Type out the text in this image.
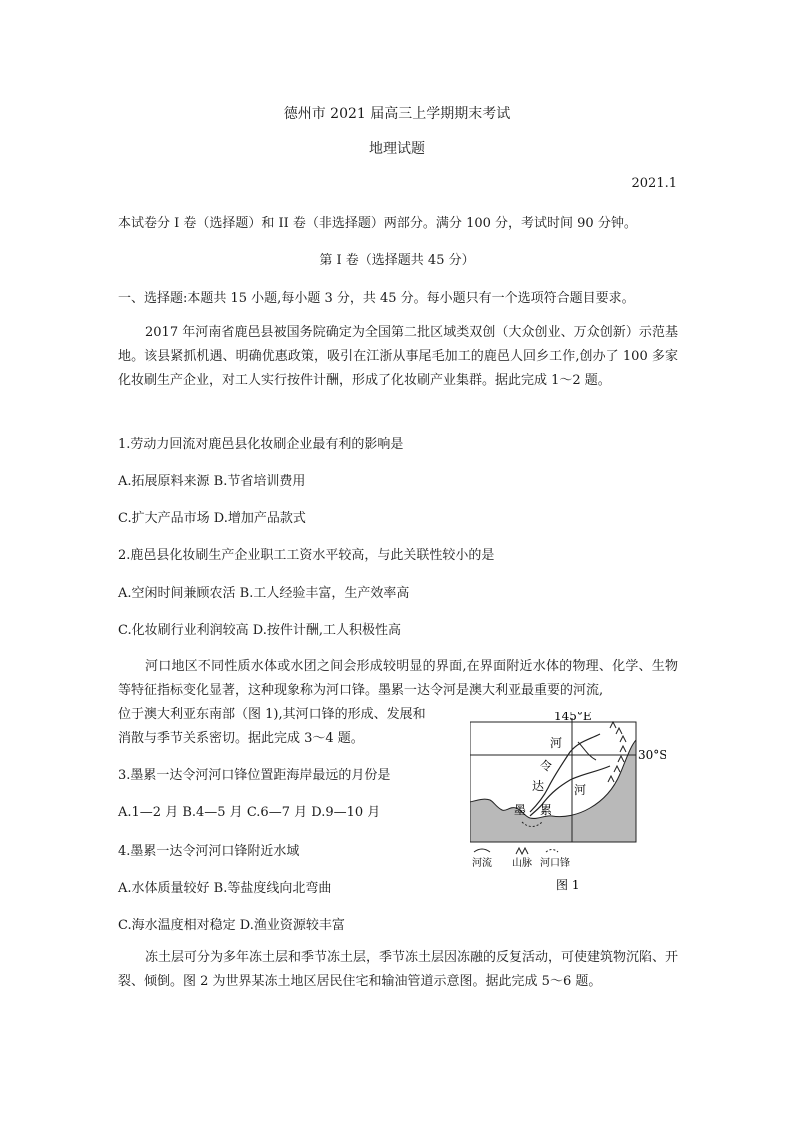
德州市 2021 届高三上学期期末考试
地理试题
2021.1
本试卷分 I 卷（选择题）和 II 卷（非选择题）两部分。满分 100 分，考试时间 90 分钟。
第 I 卷（选择题共 45 分）
一、选择题:本题共 15 小题,每小题 3 分，共 45 分。每小题只有一个选项符合题目要求。
2017 年河南省鹿邑县被国务院确定为全国第二批区域类双创（大众创业、万众创新）示范基地。该县紧抓机遇、明确优惠政策，吸引在江浙从事尾毛加工的鹿邑人回乡工作,创办了 100 多家化妆刷生产企业，对工人实行按件计酬，形成了化妆刷产业集群。据此完成 1～2 题。
1.劳动力回流对鹿邑县化妆刷企业最有利的影响是
A.拓展原料来源 B.节省培训费用
C.扩大产品市场 D.增加产品款式
2.鹿邑县化妆刷生产企业职工工资水平较高，与此关联性较小的是
A.空闲时间兼顾农活 B.工人经验丰富，生产效率高
C.化妆刷行业利润较高 D.按件计酬,工人积极性高
河口地区不同性质水体或水团之间会形成较明显的界面,在界面附近水体的物理、化学、生物等特征指标变化显著，这种现象称为河口锋。墨累一达令河是澳大利亚最重要的河流,
位于澳大利亚东南部（图 1),其河口锋的形成、发展和
消散与季节关系密切。据此完成 3～4 题。
3.墨累一达令河河口锋位置距海岸最远的月份是
A.1—2 月 B.4—5 月 C.6—7 月 D.9—10 月
4.墨累一达令河河口锋附近水域
A.水体质量较好 B.等盐度线向北弯曲
C.海水温度相对稳定 D.渔业资源较丰富
冻土层可分为多年冻土层和季节冻土层，季节冻土层因冻融的反复活动，可使建筑物沉陷、开裂、倾倒。图 2 为世界某冻土地区居民住宅和输油管道示意图。据此完成 5～6 题。
145°E
30°S
河
令
达
墨 累
河
河流 山脉 河口锋
图 1
